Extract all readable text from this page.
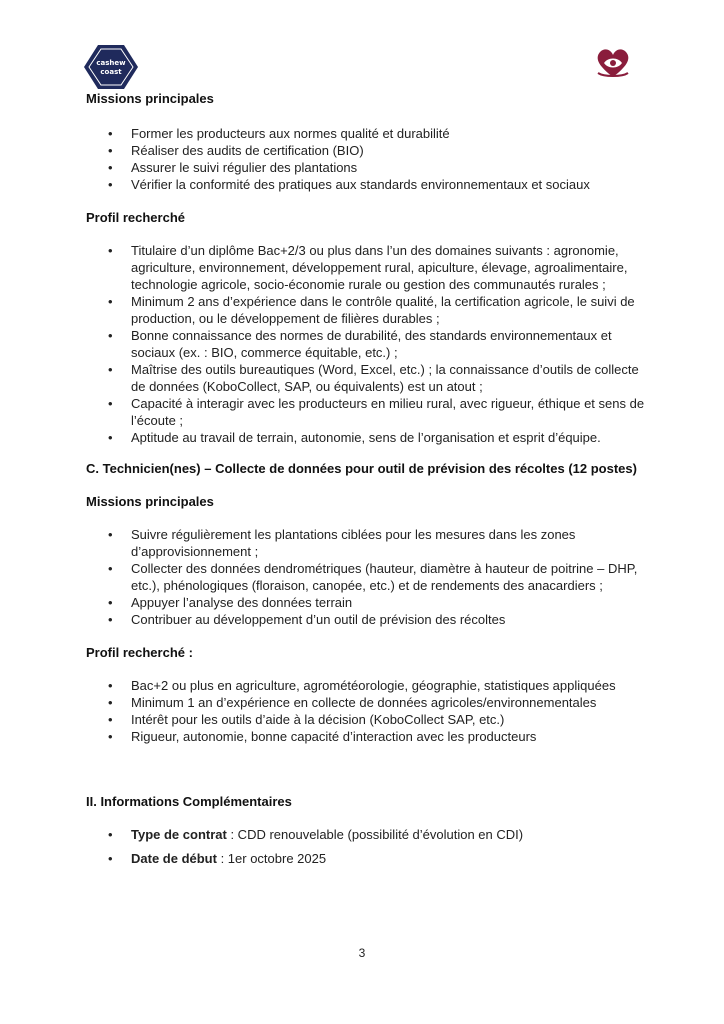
cashew
coast
Missions principales
• Former les producteurs aux normes qualité et durabilité
• Réaliser des audits de certification (BIO)
• Assurer le suivi régulier des plantations
• Vérifier la conformité des pratiques aux standards environnementaux et sociaux
Profil recherché
• Titulaire d’un diplôme Bac+2/3 ou plus dans l’un des domaines suivants : agronomie, agriculture, environnement, développement rural, apiculture, élevage, agroalimentaire, technologie agricole, socio-économie rurale ou gestion des communautés rurales ;
• Minimum 2 ans d’expérience dans le contrôle qualité, la certification agricole, le suivi de production, ou le développement de filières durables ;
• Bonne connaissance des normes de durabilité, des standards environnementaux et sociaux (ex. : BIO, commerce équitable, etc.) ;
• Maîtrise des outils bureautiques (Word, Excel, etc.) ; la connaissance d’outils de collecte de données (KoboCollect, SAP, ou équivalents) est un atout ;
• Capacité à interagir avec les producteurs en milieu rural, avec rigueur, éthique et sens de l’écoute ;
• Aptitude au travail de terrain, autonomie, sens de l’organisation et esprit d’équipe.
C. Technicien(nes) – Collecte de données pour outil de prévision des récoltes (12 postes)
Missions principales
• Suivre régulièrement les plantations ciblées pour les mesures dans les zones d’approvisionnement ;
• Collecter des données dendrométriques (hauteur, diamètre à hauteur de poitrine – DHP, etc.), phénologiques (floraison, canopée, etc.) et de rendements des anacardiers ;
• Appuyer l’analyse des données terrain
• Contribuer au développement d’un outil de prévision des récoltes
Profil recherché :
• Bac+2 ou plus en agriculture, agrométéorologie, géographie, statistiques appliquées
• Minimum 1 an d’expérience en collecte de données agricoles/environnementales
• Intérêt pour les outils d’aide à la décision (KoboCollect SAP, etc.)
• Rigueur, autonomie, bonne capacité d’interaction avec les producteurs
II. Informations Complémentaires
• Type de contrat : CDD renouvelable (possibilité d’évolution en CDI)
• Date de début : 1er octobre 2025
3
